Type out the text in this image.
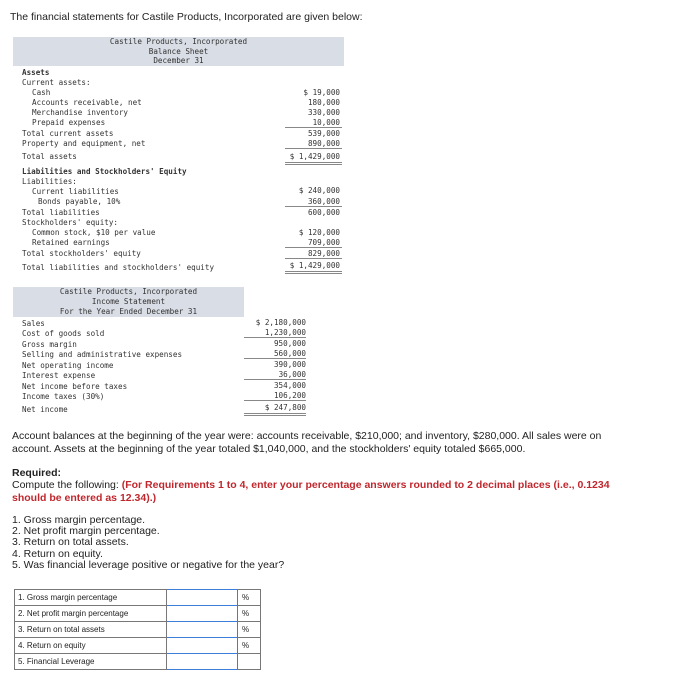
The financial statements for Castile Products, Incorporated are given below:
Castile Products, Incorporated
Balance Sheet
December 31
Assets
Current assets:
Cash	$ 19,000
Accounts receivable, net	180,000
Merchandise inventory	330,000
Prepaid expenses	10,000
Total current assets	539,000
Property and equipment, net	890,000
Total assets	$ 1,429,000
Liabilities and Stockholders' Equity
Liabilities:
Current liabilities	$ 240,000
Bonds payable, 10%	360,000
Total liabilities	600,000
Stockholders' equity:
Common stock, $10 per value	$ 120,000
Retained earnings	709,000
Total stockholders' equity	829,000
Total liabilities and stockholders' equity	$ 1,429,000
Castile Products, Incorporated
Income Statement
For the Year Ended December 31
Sales	$ 2,180,000
Cost of goods sold	1,230,000
Gross margin	950,000
Selling and administrative expenses	560,000
Net operating income	390,000
Interest expense	36,000
Net income before taxes	354,000
Income taxes (30%)	106,200
Net income	$ 247,800
Account balances at the beginning of the year were: accounts receivable, $210,000; and inventory, $280,000. All sales were on account. Assets at the beginning of the year totaled $1,040,000, and the stockholders' equity totaled $665,000.
Required:
Compute the following: (For Requirements 1 to 4, enter your percentage answers rounded to 2 decimal places (i.e., 0.1234 should be entered as 12.34).)
1. Gross margin percentage.
2. Net profit margin percentage.
3. Return on total assets.
4. Return on equity.
5. Was financial leverage positive or negative for the year?
1. Gross margin percentage		%
2. Net profit margin percentage		%
3. Return on total assets		%
4. Return on equity		%
5. Financial Leverage		
